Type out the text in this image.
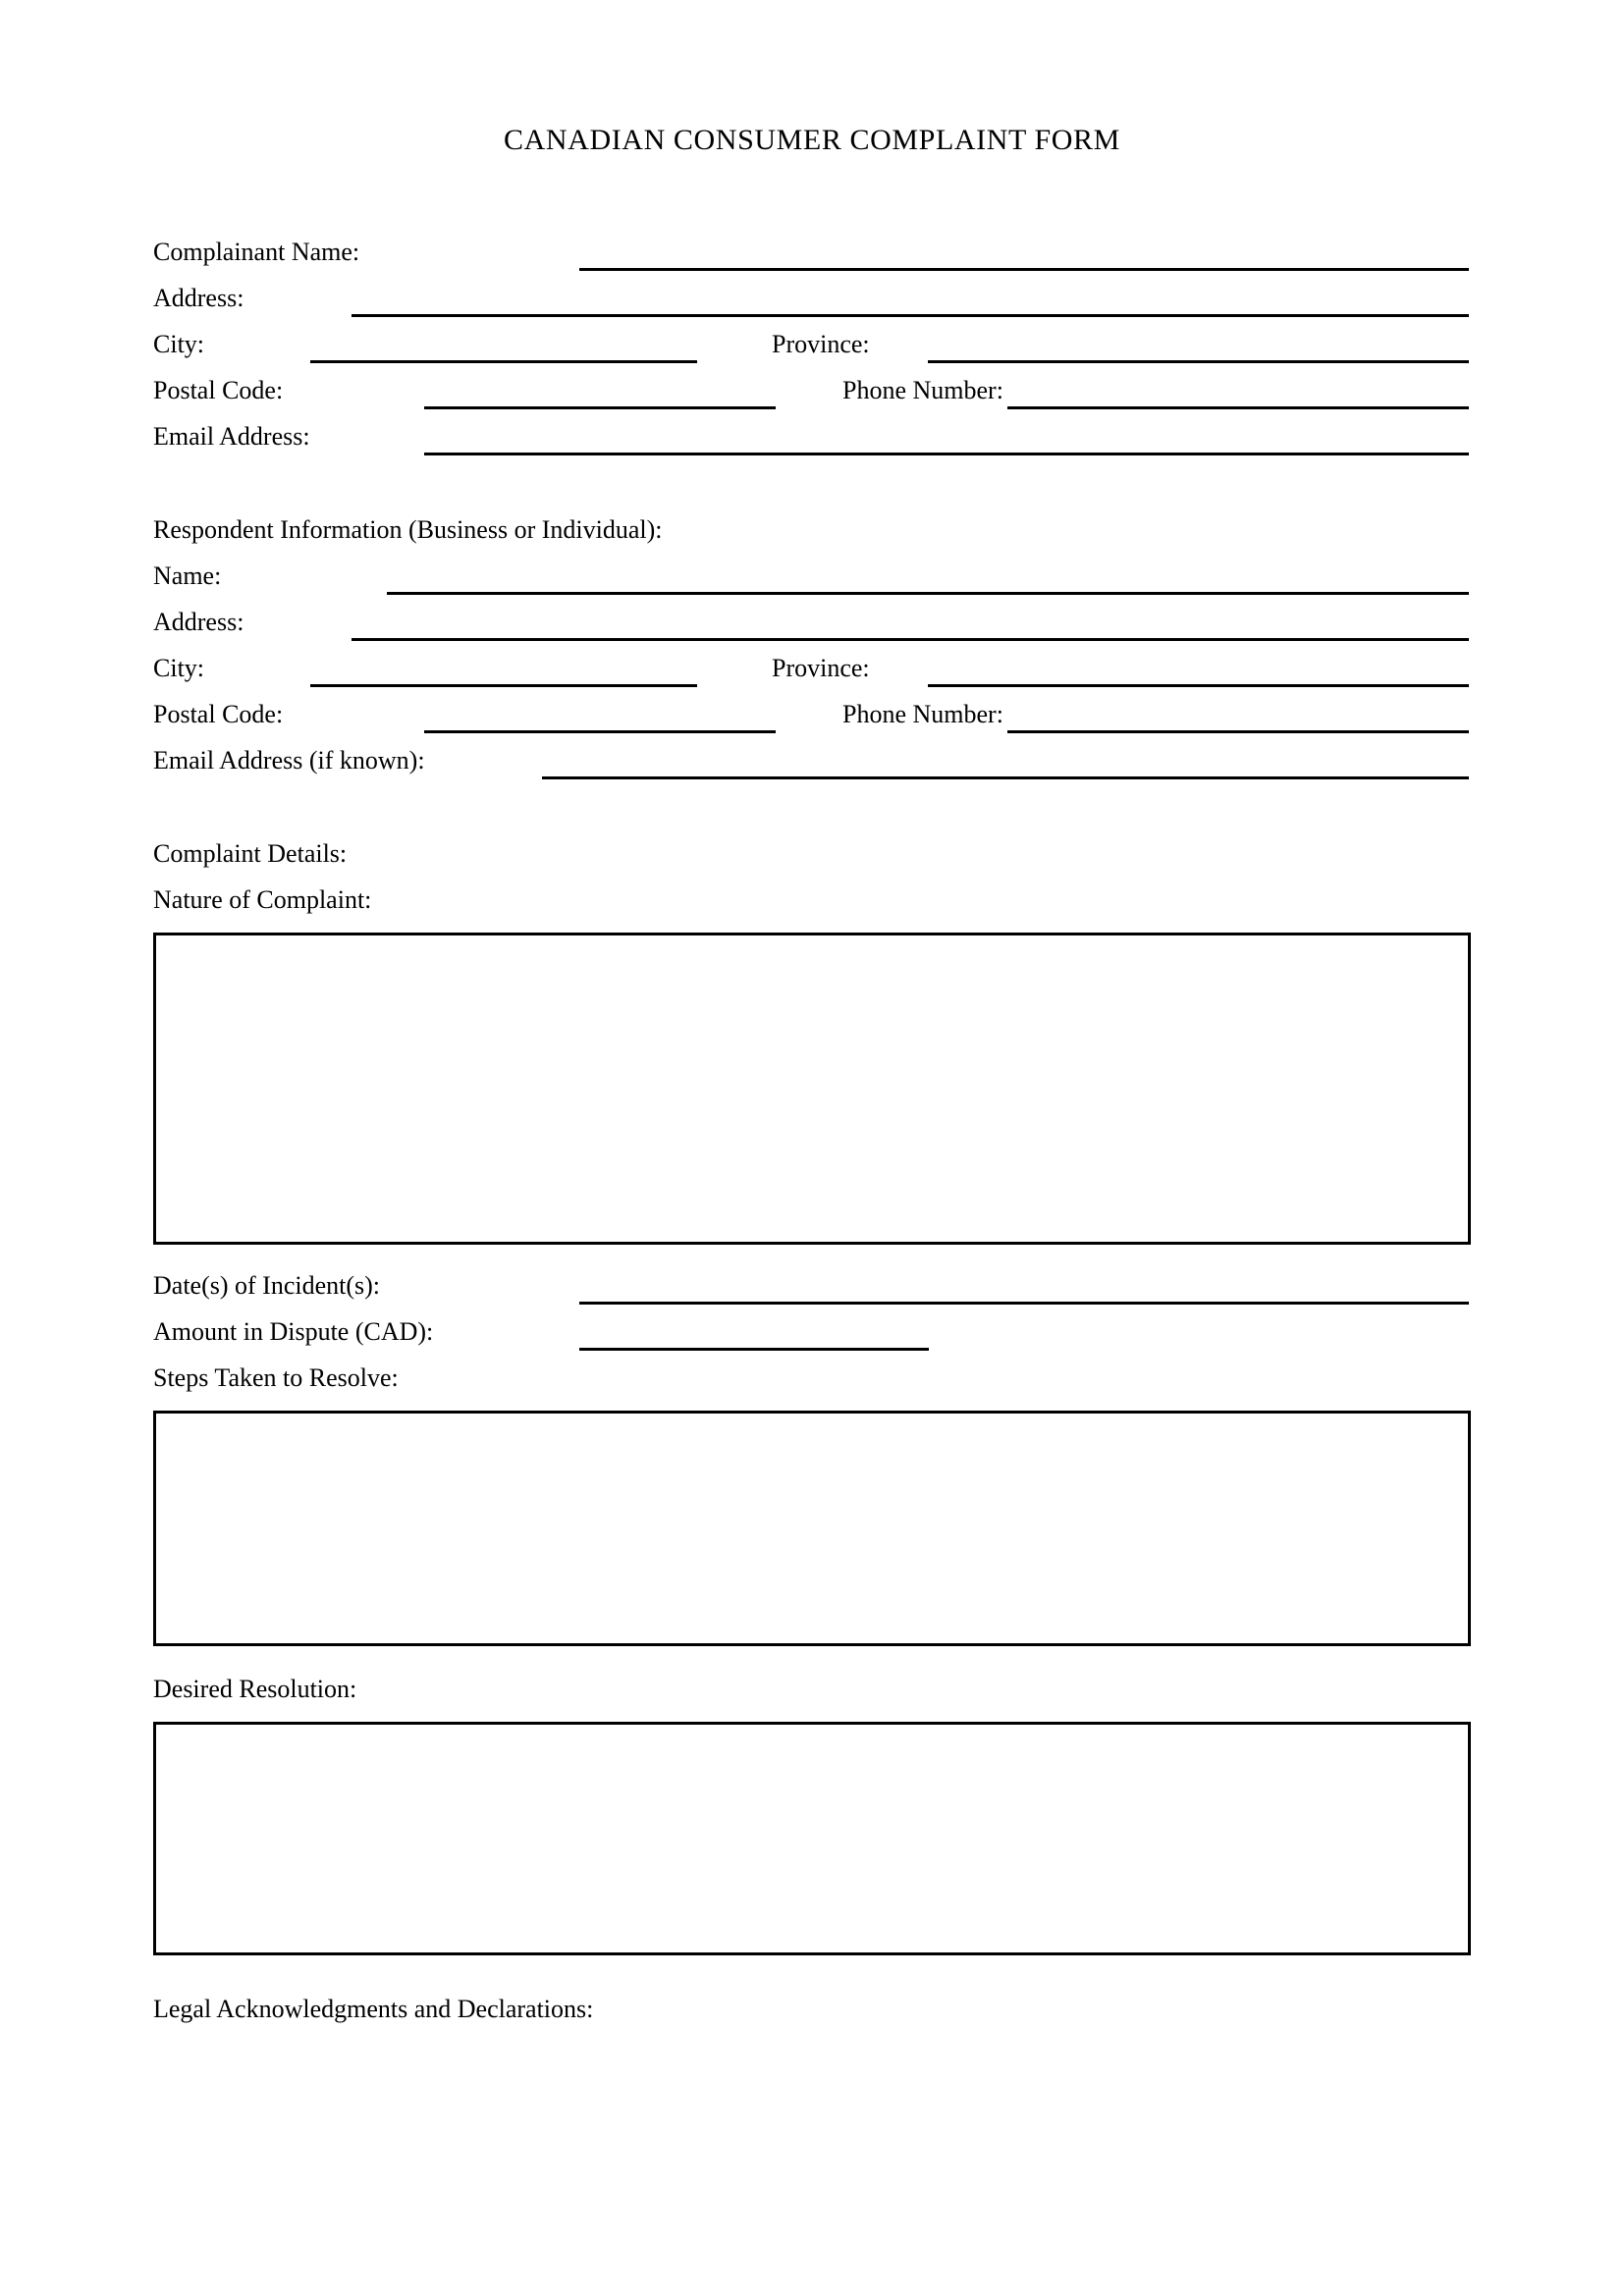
CANADIAN CONSUMER COMPLAINT FORM
Complainant Name:
Address:
City:	Province:
Postal Code:	Phone Number:
Email Address:
Respondent Information (Business or Individual):
Name:
Address:
City:	Province:
Postal Code:	Phone Number:
Email Address (if known):
Complaint Details:
Nature of Complaint:
Date(s) of Incident(s):
Amount in Dispute (CAD):
Steps Taken to Resolve:
Desired Resolution:
Legal Acknowledgments and Declarations:
